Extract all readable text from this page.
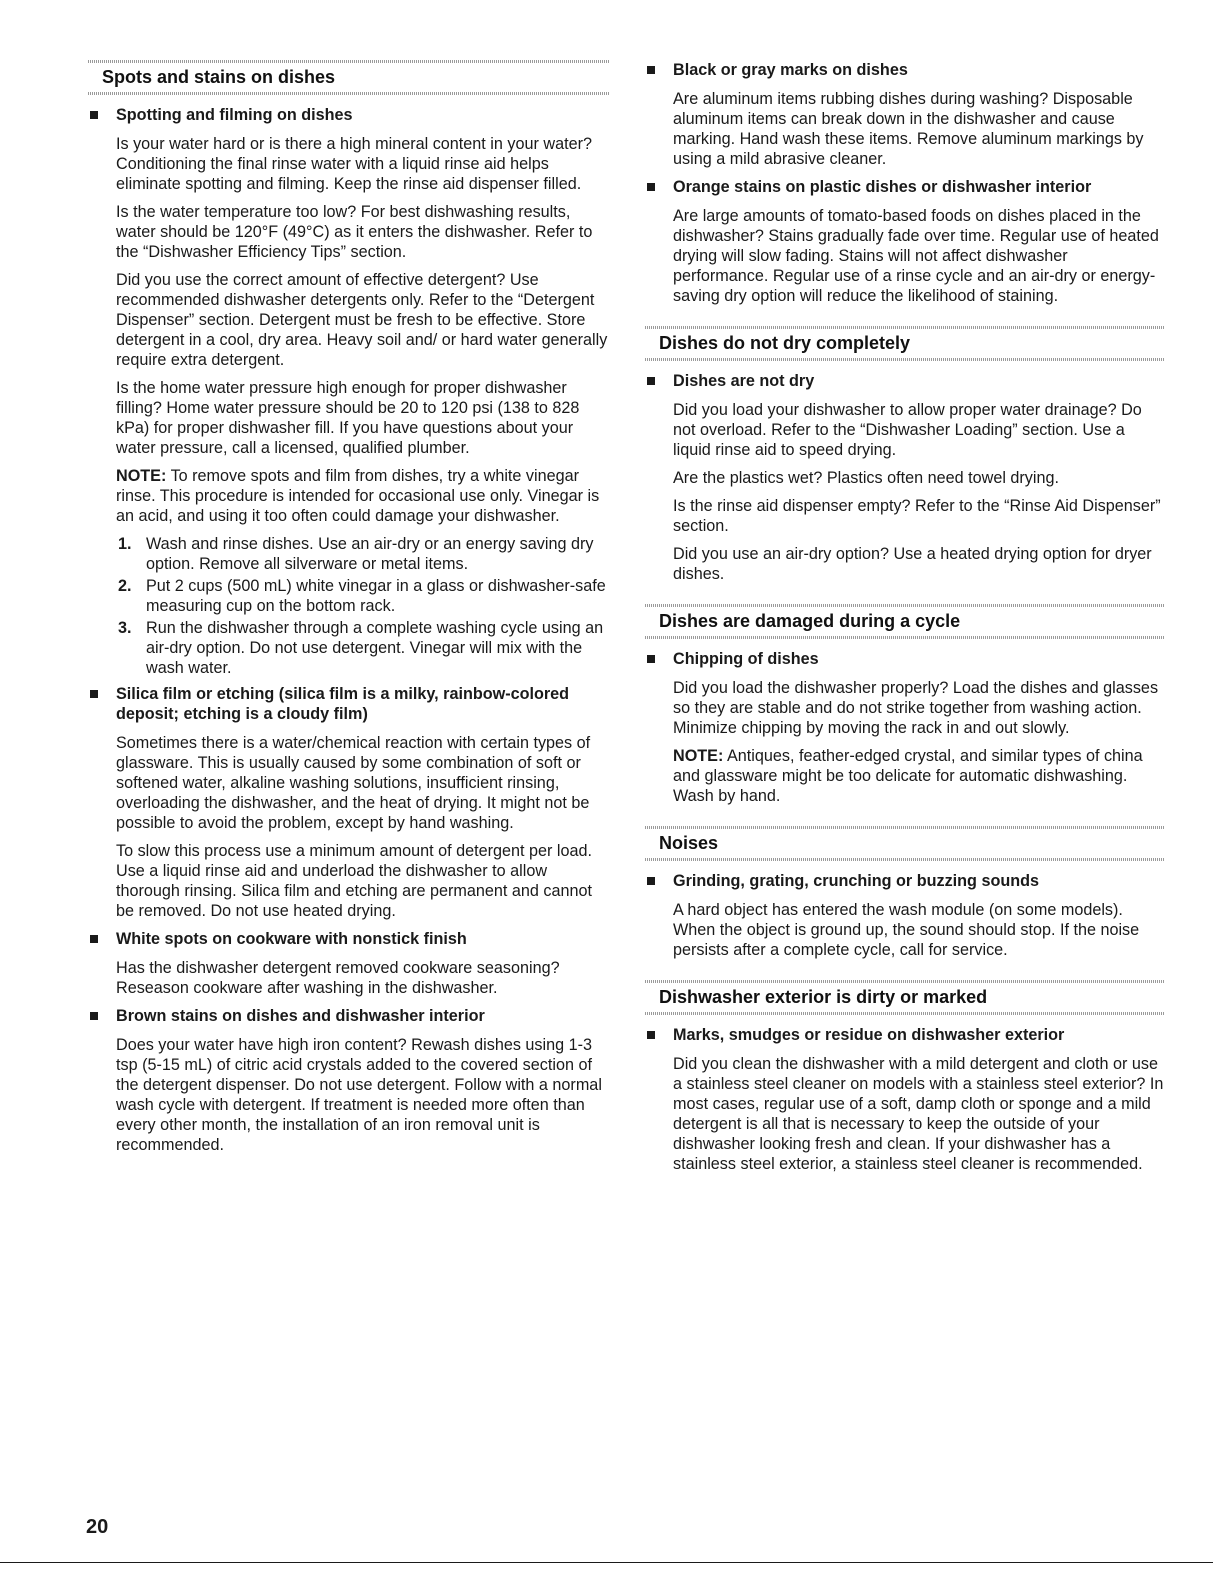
Spots and stains on dishes
Spotting and filming on dishes

Is your water hard or is there a high mineral content in your water? Conditioning the final rinse water with a liquid rinse aid helps eliminate spotting and filming. Keep the rinse aid dispenser filled.

Is the water temperature too low? For best dishwashing results, water should be 120°F (49°C) as it enters the dishwasher. Refer to the “Dishwasher Efficiency Tips” section.

Did you use the correct amount of effective detergent? Use recommended dishwasher detergents only. Refer to the “Detergent Dispenser” section. Detergent must be fresh to be effective. Store detergent in a cool, dry area. Heavy soil and/ or hard water generally require extra detergent.

Is the home water pressure high enough for proper dishwasher filling? Home water pressure should be 20 to 120 psi (138 to 828 kPa) for proper dishwasher fill. If you have questions about your water pressure, call a licensed, qualified plumber.

NOTE: To remove spots and film from dishes, try a white vinegar rinse. This procedure is intended for occasional use only. Vinegar is an acid, and using it too often could damage your dishwasher.

1. Wash and rinse dishes. Use an air-dry or an energy saving dry option. Remove all silverware or metal items.
2. Put 2 cups (500 mL) white vinegar in a glass or dishwasher-safe measuring cup on the bottom rack.
3. Run the dishwasher through a complete washing cycle using an air-dry option. Do not use detergent. Vinegar will mix with the wash water.
Silica film or etching (silica film is a milky, rainbow-colored deposit; etching is a cloudy film)

Sometimes there is a water/chemical reaction with certain types of glassware. This is usually caused by some combination of soft or softened water, alkaline washing solutions, insufficient rinsing, overloading the dishwasher, and the heat of drying. It might not be possible to avoid the problem, except by hand washing.

To slow this process use a minimum amount of detergent per load. Use a liquid rinse aid and underload the dishwasher to allow thorough rinsing. Silica film and etching are permanent and cannot be removed. Do not use heated drying.

White spots on cookware with nonstick finish

Has the dishwasher detergent removed cookware seasoning? Reseason cookware after washing in the dishwasher.

Brown stains on dishes and dishwasher interior

Does your water have high iron content? Rewash dishes using 1-3 tsp (5-15 mL) of citric acid crystals added to the covered section of the detergent dispenser. Do not use detergent. Follow with a normal wash cycle with detergent. If treatment is needed more often than every other month, the installation of an iron removal unit is recommended.

Black or gray marks on dishes

Are aluminum items rubbing dishes during washing? Disposable aluminum items can break down in the dishwasher and cause marking. Hand wash these items. Remove aluminum markings by using a mild abrasive cleaner.

Orange stains on plastic dishes or dishwasher interior

Are large amounts of tomato-based foods on dishes placed in the dishwasher? Stains gradually fade over time. Regular use of heated drying will slow fading. Stains will not affect dishwasher performance. Regular use of a rinse cycle and an air-dry or energy-saving dry option will reduce the likelihood of staining.

Dishes do not dry completely
Dishes are not dry

Did you load your dishwasher to allow proper water drainage? Do not overload. Refer to the “Dishwasher Loading” section. Use a liquid rinse aid to speed drying.

Are the plastics wet? Plastics often need towel drying.

Is the rinse aid dispenser empty? Refer to the “Rinse Aid Dispenser” section.

Did you use an air-dry option? Use a heated drying option for dryer dishes.

Dishes are damaged during a cycle
Chipping of dishes

Did you load the dishwasher properly? Load the dishes and glasses so they are stable and do not strike together from washing action. Minimize chipping by moving the rack in and out slowly.

NOTE: Antiques, feather-edged crystal, and similar types of china and glassware might be too delicate for automatic dishwashing. Wash by hand.

Noises
Grinding, grating, crunching or buzzing sounds

A hard object has entered the wash module (on some models). When the object is ground up, the sound should stop. If the noise persists after a complete cycle, call for service.

Dishwasher exterior is dirty or marked
Marks, smudges or residue on dishwasher exterior

Did you clean the dishwasher with a mild detergent and cloth or use a stainless steel cleaner on models with a stainless steel exterior? In most cases, regular use of a soft, damp cloth or sponge and a mild detergent is all that is necessary to keep the outside of your dishwasher looking fresh and clean. If your dishwasher has a stainless steel exterior, a stainless steel cleaner is recommended.

20
